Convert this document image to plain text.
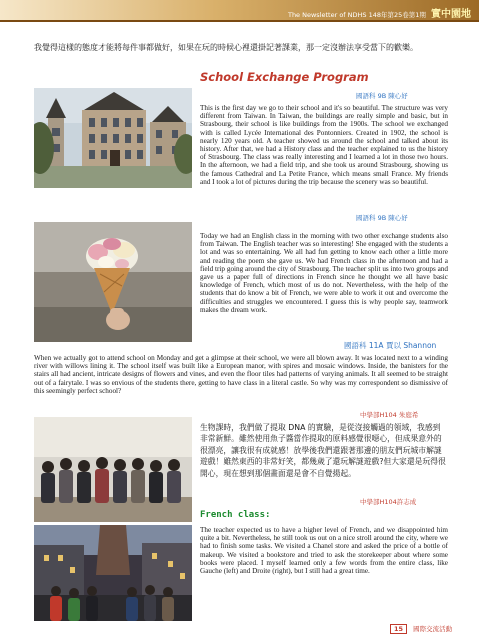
The Newsletter of NDHS 148年第25卷第1期 實中園地
我覺得這樣的態度才能將每件事都做好，如果在玩的時候心裡還掛記著課業，那一定沒辦法享受當下的歡樂。
School Exchange Program
國語科 9B 陳心妤
This is the first day we go to their school and it's so beautiful. The structure was very different from Taiwan. In Taiwan, the buildings are really simple and basic, but in Strasbourg, their school is like buildings from the 1900s. The school we exchanged with is called Lycée International des Pontonniers. Created in 1902, the school is nearly 120 years old. A teacher showed us around the school and talked about its history. After that, we had a History class and the teacher explained to us the history of Strasbourg. The class was really interesting and I learned a lot in those two hours. In the afternoon, we had a field trip, and she took us around Strasbourg, showing us the famous Cathedral and La Petite France, which means small France. My friends and I took a lot of pictures during the trip because the scenery was so beautiful.
國語科 9B 陳心妤
Today we had an English class in the morning with two other exchange students also from Taiwan. The English teacher was so interesting! She engaged with the students a lot and was so entertaining. We all had fun getting to know each other a little more and reading the poem she gave us. We had French class in the afternoon and had a field trip going around the city of Strasbourg. The teacher split us into two groups and gave us a paper full of directions in French since he thought we all have basic knowledge of French, which most of us do not. Nevertheless, with the help of the students that do know a bit of French, we were able to work it out and overcome the difficulties and struggles we encountered. I guess this is why people say, teamwork makes the dream work.
國語科 11A 賈以 Shannon
When we actually got to attend school on Monday and get a glimpse at their school, we were all blown away. It was located next to a winding river with willows lining it. The school itself was built like a European manor, with spires and mosaic windows. Inside, the banisters for the stairs all had ancient, intricate designs of flowers and vines, and even the floor tiles had patterns of varying animals. It all seemed to be straight out of a fairytale. I was so envious of the students there, getting to have class in a literal castle. So why was my correspondent so dismissive of this seemingly perfect school?
中學部H104 朱庭希
生物課時，我們做了提取 DNA 的實驗，是從沒接觸過的領域，我感到非常新鮮。雖然使用魚子醬當作提取的原料感覺很噁心，但成果意外的很漂亮，讓我很有成就感！放學後我們還跟著那邊的朋友們玩城市解謎遊戲！雖然東西的非常好笑，都幾歲了還玩解謎遊戲?但大家還是玩得很開心，現在想到那個畫面還是會不自覺揚起。
中學部H104許志成
French class:
The teacher expected us to have a higher level of French, and we disappointed him quite a bit. Nevertheless, he still took us out on a nice stroll around the city, where we had to finish some tasks. We visited a Chanel store and asked the price of a bottle of makeup. We visited a bookstore and tried to ask the storekeeper about where some books were placed. I myself learned only a few words from the entire class, like Gauche (left) and Droite (right), but I still had a great time.
15 國際交流活動
